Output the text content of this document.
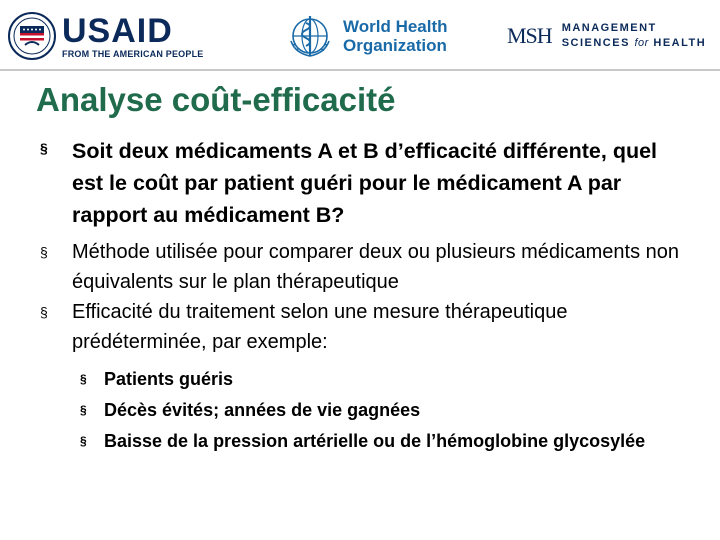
USAID
FROM THE AMERICAN PEOPLE
World Health
Organization	MSH MANAGEMENT
SCIENCES for HEALTH
Analyse coût-efficacité
§ Soit deux médicaments A et B d’efficacité différente, quel est le coût par patient guéri pour le médicament A par rapport au médicament B?
§ Méthode utilisée pour comparer deux ou plusieurs médicaments non équivalents sur le plan thérapeutique
§ Efficacité du traitement selon une mesure thérapeutique prédéterminée, par exemple:
§ Patients guéris
§ Décès évités; années de vie gagnées
§ Baisse de la pression artérielle ou de l’hémoglobine glycosylée
